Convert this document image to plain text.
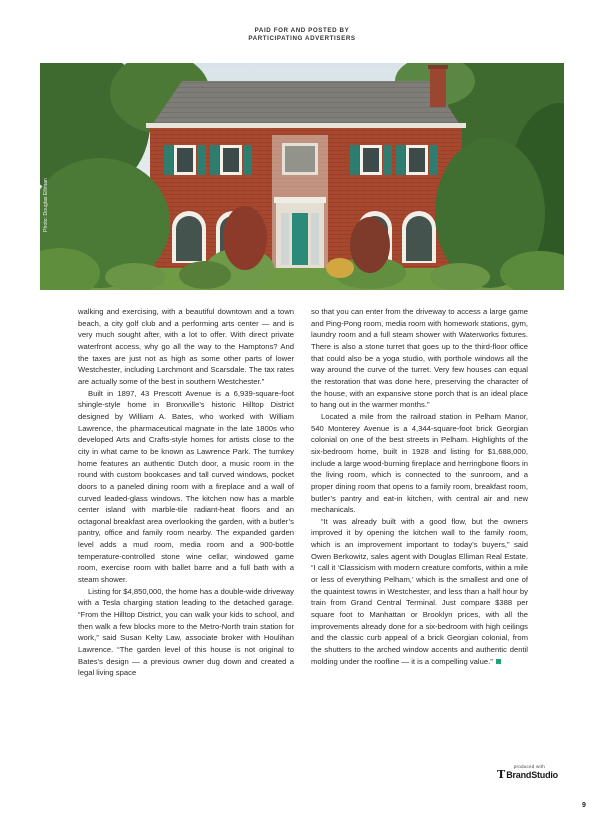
PAID FOR AND POSTED BY
PARTICIPATING ADVERTISERS
Photo: Douglas Elliman

walking and exercising, with a beautiful downtown and a town beach, a city golf club and a performing arts center — and is very much sought after, with a lot to offer. With direct private waterfront access, why go all the way to the Hamptons? And the taxes are just not as high as some other parts of lower Westchester, including Larchmont and Scarsdale. The tax rates are actually some of the best in southern Westchester.”

Built in 1897, 43 Prescott Avenue is a 6,939-square-foot shingle-style home in Bronxville’s historic Hilltop District designed by William A. Bates, who worked with William Lawrence, the pharmaceutical magnate in the late 1800s who developed Arts and Crafts-style homes for artists close to the city in what came to be known as Lawrence Park. The turnkey home features an authentic Dutch door, a music room in the round with custom bookcases and tall curved windows, pocket doors to a paneled dining room with a fireplace and a wall of curved leaded-glass windows. The kitchen now has a marble center island with marble-tile radiant-heat floors and an octagonal breakfast area overlooking the garden, with a butler’s pantry, office and family room nearby. The expanded garden level adds a mud room, media room and a 900-bottle temperature-controlled stone wine cellar, windowed game room, exercise room with ballet barre and a full bath with a steam shower.

Listing for $4,850,000, the home has a double-wide driveway with a Tesla charging station leading to the detached garage. “From the Hilltop District, you can walk your kids to school, and then walk a few blocks more to the Metro-North train station for work,” said Susan Kelty Law, associate broker with Houlihan Lawrence. “The garden level of this house is not original to Bates’s design — a previous owner dug down and created a legal living space

so that you can enter from the driveway to access a large game and Ping-Pong room, media room with homework stations, gym, laundry room and a full steam shower with Waterworks fixtures. There is also a stone turret that goes up to the third-floor office that could also be a yoga studio, with porthole windows all the way around the curve of the turret. Very few houses can equal the restoration that was done here, preserving the character of the house, with an expansive stone porch that is an ideal place to hang out in the warmer months.”

Located a mile from the railroad station in Pelham Manor, 540 Monterey Avenue is a 4,344-square-foot brick Georgian colonial on one of the best streets in Pelham. Highlights of the six-bedroom home, built in 1928 and listing for $1,688,000, include a large wood-burning fireplace and herringbone floors in the living room, which is connected to the sunroom, and a proper dining room that opens to a family room, breakfast room, butler’s pantry and eat-in kitchen, with central air and new mechanicals.

“It was already built with a good flow, but the owners improved it by opening the kitchen wall to the family room, which is an improvement important to today’s buyers,” said Owen Berkowitz, sales agent with Douglas Elliman Real Estate. “I call it ‘Classicism with modern creature comforts, within a mile or less of everything Pelham,’ which is the smallest and one of the quaintest towns in Westchester, and less than a half hour by train from Grand Central Terminal. Just compare $388 per square foot to Manhattan or Brooklyn prices, with all the improvements already done for a six-bedroom with high ceilings and the classic curb appeal of a brick Georgian colonial, from the shutters to the arched window accents and authentic dentil molding under the roofline — it is a compelling value.”

produced with
T BrandStudio
9
